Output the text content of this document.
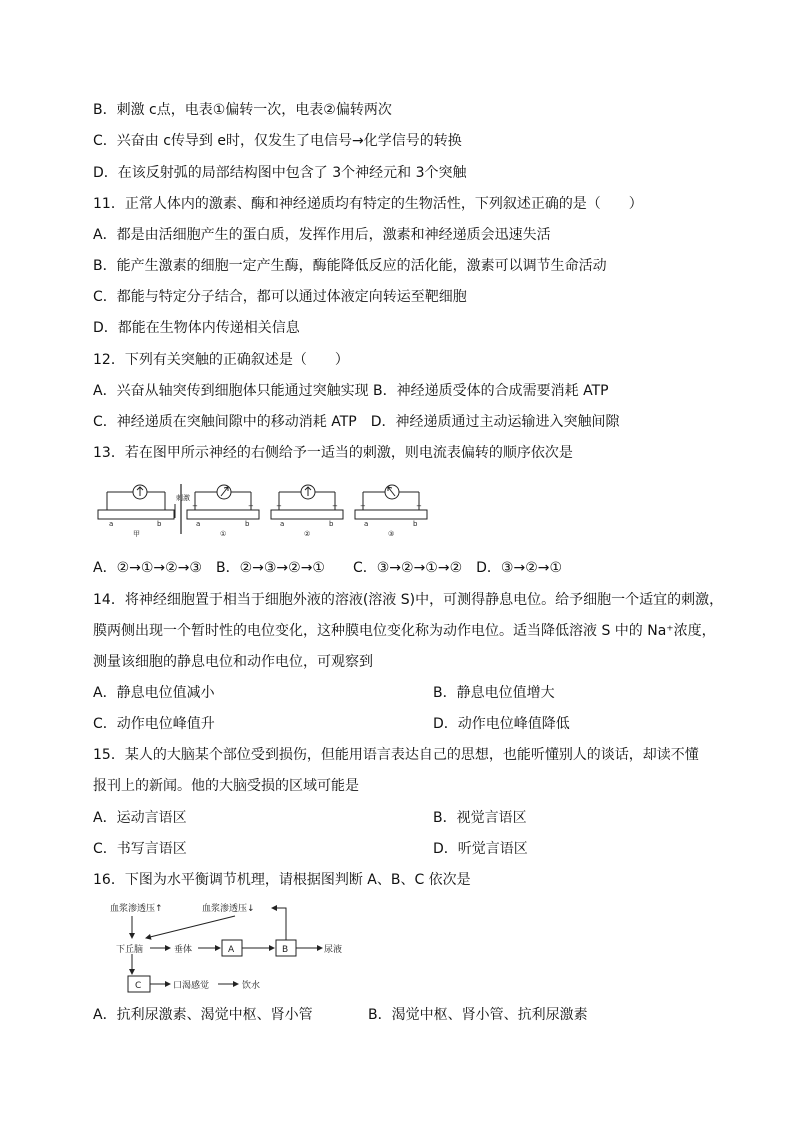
B．刺激 c点，电表①偏转一次，电表②偏转两次
C．兴奋由 c传导到 e时，仅发生了电信号→化学信号的转换
D．在该反射弧的局部结构图中包含了 3个神经元和 3个突触
11．正常人体内的激素、酶和神经递质均有特定的生物活性，下列叙述正确的是（　　）
A．都是由活细胞产生的蛋白质，发挥作用后，激素和神经递质会迅速失活
B．能产生激素的细胞一定产生酶，酶能降低反应的活化能，激素可以调节生命活动
C．都能与特定分子结合，都可以通过体液定向转运至靶细胞
D．都能在生物体内传递相关信息
12．下列有关突触的正确叙述是（　　）
A．兴奋从轴突传到细胞体只能通过突触实现 B．神经递质受体的合成需要消耗 ATP
C．神经递质在突触间隙中的移动消耗 ATP　D．神经递质通过主动运输进入突触间隙
13．若在图甲所示神经的右侧给予一适当的刺激，则电流表偏转的顺序依次是
刺激
a	b
甲
+	−
a	b
①
+	+
a	b
②
−	+
a	b
③
A．②→①→②→③　B．②→③→②→①　　C．③→②→①→②　D．③→②→①
14．将神经细胞置于相当于细胞外液的溶液(溶液 S)中，可测得静息电位。给予细胞一个适宜的刺激，
膜两侧出现一个暂时性的电位变化，这种膜电位变化称为动作电位。适当降低溶液 S 中的 Na⁺浓度，
测量该细胞的静息电位和动作电位，可观察到
A．静息电位值减小	B．静息电位值增大
C．动作电位峰值升	D．动作电位峰值降低
15．某人的大脑某个部位受到损伤，但能用语言表达自己的思想，也能听懂别人的谈话，却读不懂
报刊上的新闻。他的大脑受损的区域可能是
A．运动言语区	B．视觉言语区
C．书写言语区	D．听觉言语区
16．下图为水平衡调节机理，请根据图判断 A、B、C 依次是
血浆渗透压↑	血浆渗透压↓
下丘脑	垂体	A	B	尿液
C	口渴感觉	饮水
A．抗利尿激素、渴觉中枢、肾小管	B．渴觉中枢、肾小管、抗利尿激素
